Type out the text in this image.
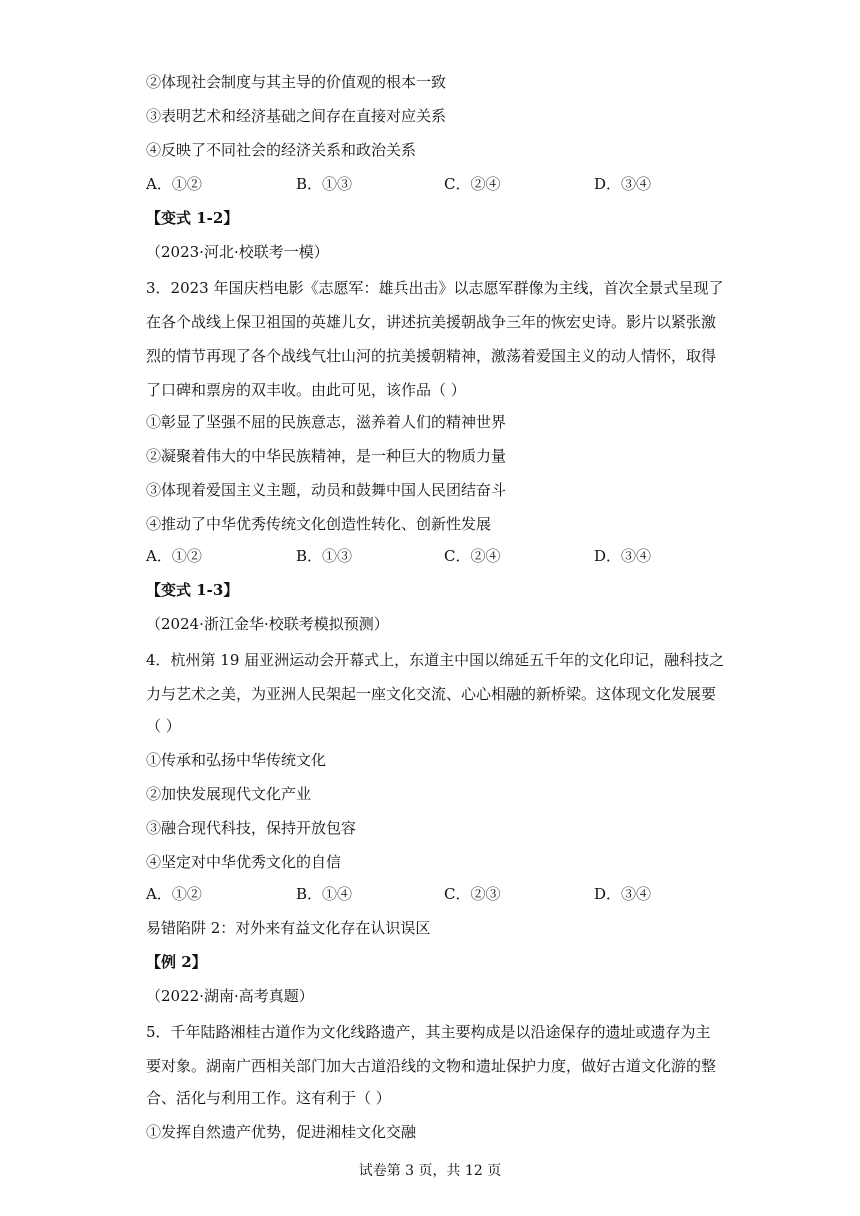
②体现社会制度与其主导的价值观的根本一致
③表明艺术和经济基础之间存在直接对应关系
④反映了不同社会的经济关系和政治关系
A．①②	B．①③	C．②④	D．③④
【变式 1-2】
（2023·河北·校联考一模）
3．2023 年国庆档电影《志愿军：雄兵出击》以志愿军群像为主线，首次全景式呈现了
在各个战线上保卫祖国的英雄儿女，讲述抗美援朝战争三年的恢宏史诗。影片以紧张激
烈的情节再现了各个战线气壮山河的抗美援朝精神，激荡着爱国主义的动人情怀，取得
了口碑和票房的双丰收。由此可见，该作品（ ）
①彰显了坚强不屈的民族意志，滋养着人们的精神世界
②凝聚着伟大的中华民族精神，是一种巨大的物质力量
③体现着爱国主义主题，动员和鼓舞中国人民团结奋斗
④推动了中华优秀传统文化创造性转化、创新性发展
A．①②	B．①③	C．②④	D．③④
【变式 1-3】
（2024·浙江金华·校联考模拟预测）
4．杭州第 19 届亚洲运动会开幕式上，东道主中国以绵延五千年的文化印记，融科技之
力与艺术之美，为亚洲人民架起一座文化交流、心心相融的新桥梁。这体现文化发展要
（ ）
①传承和弘扬中华传统文化
②加快发展现代文化产业
③融合现代科技，保持开放包容
④坚定对中华优秀文化的自信
A．①②	B．①④	C．②③	D．③④
易错陷阱 2：对外来有益文化存在认识误区
【例 2】
（2022·湖南·高考真题）
5．千年陆路湘桂古道作为文化线路遗产，其主要构成是以沿途保存的遗址或遗存为主
要对象。湖南广西相关部门加大古道沿线的文物和遗址保护力度，做好古道文化游的整
合、活化与利用工作。这有利于（ ）
①发挥自然遗产优势，促进湘桂文化交融
试卷第 3 页，共 12 页
